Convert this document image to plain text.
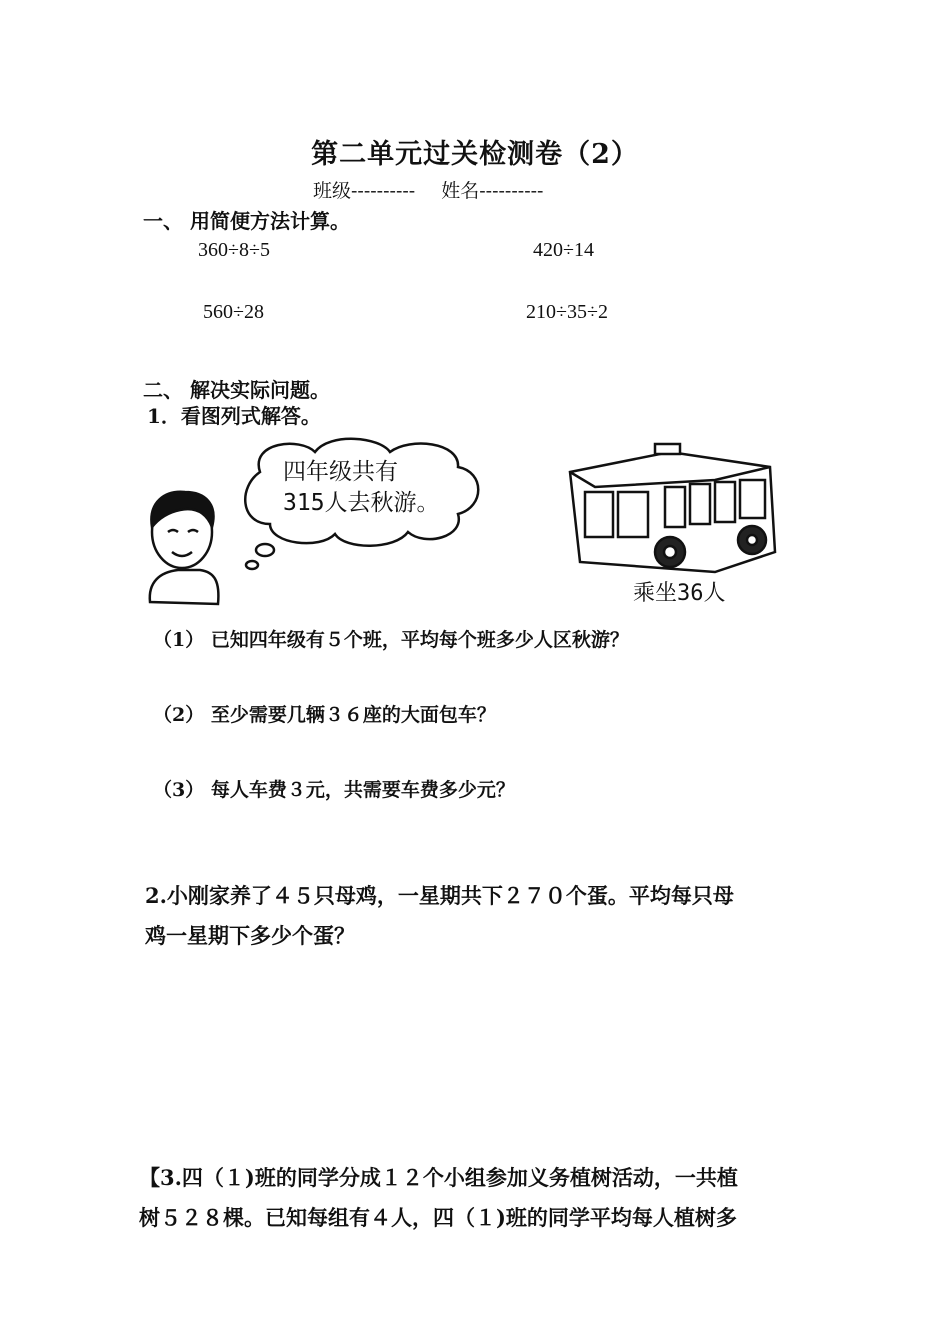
第二单元过关检测卷（2）
班级---------- 姓名----------
一、 用简便方法计算。
360÷8÷5	420÷14
560÷28	210÷35÷2
二、 解决实际问题。
1．看图列式解答。
四年级共有
315人去秋游。
乘坐36人
（1） 已知四年级有５个班，平均每个班多少人区秋游？
（2） 至少需要几辆３６座的大面包车？
（3） 每人车费３元，共需要车费多少元？
2.小刚家养了４５只母鸡，一星期共下２７０个蛋。平均每只母
鸡一星期下多少个蛋？
【3.四（１)班的同学分成１２个小组参加义务植树活动，一共植
树５２８棵。已知每组有４人，四（１)班的同学平均每人植树多
